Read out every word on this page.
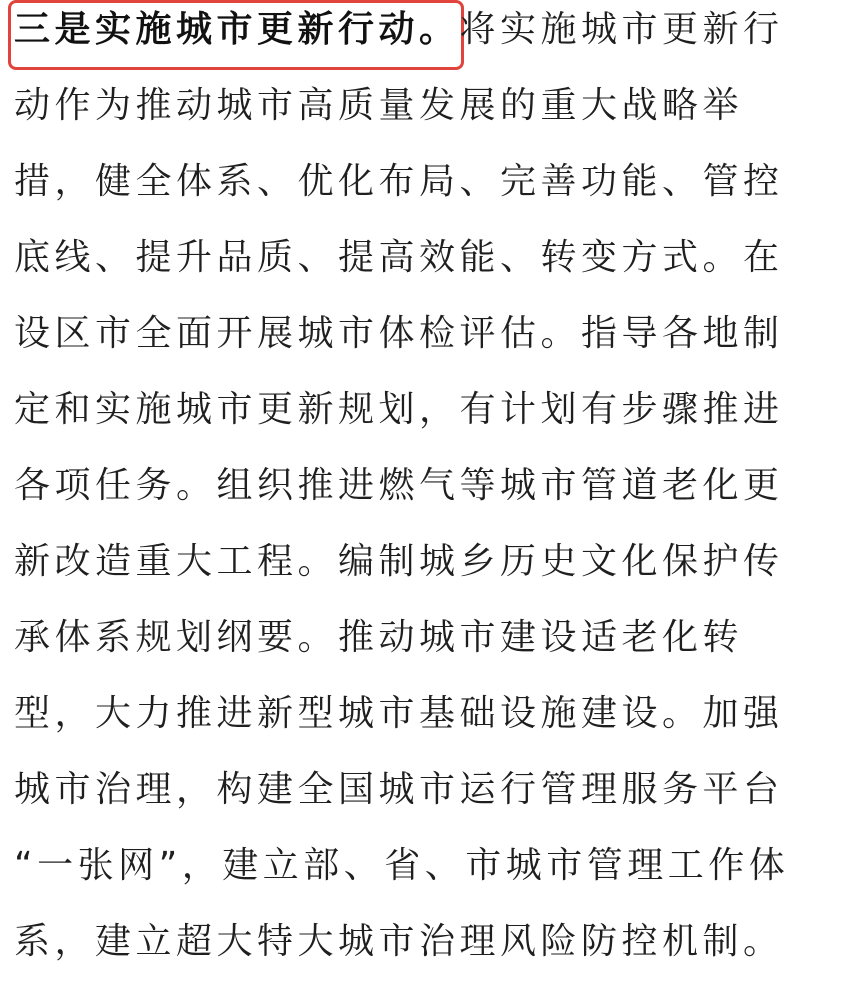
三是实施城市更新行动。将实施城市更新行
动作为推动城市高质量发展的重大战略举
措，健全体系、优化布局、完善功能、管控
底线、提升品质、提高效能、转变方式。在
设区市全面开展城市体检评估。指导各地制
定和实施城市更新规划，有计划有步骤推进
各项任务。组织推进燃气等城市管道老化更
新改造重大工程。编制城乡历史文化保护传
承体系规划纲要。推动城市建设适老化转
型，大力推进新型城市基础设施建设。加强
城市治理，构建全国城市运行管理服务平台
“一张网”，建立部、省、市城市管理工作体
系，建立超大特大城市治理风险防控机制。
